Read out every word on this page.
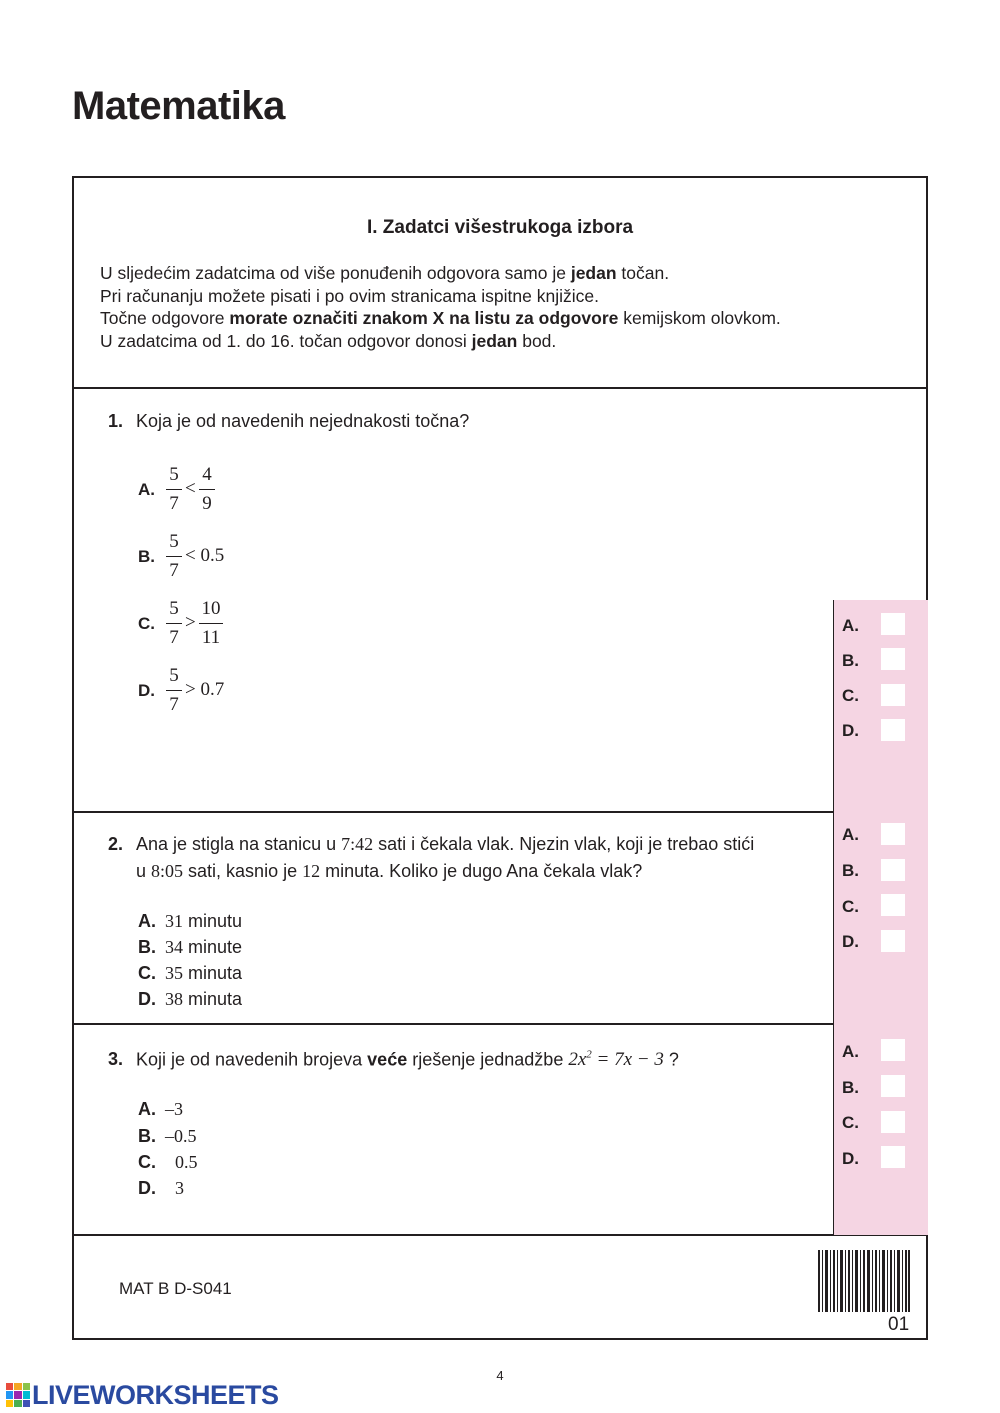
Matematika
I. Zadatci višestrukoga izbora
U sljedećim zadatcima od više ponuđenih odgovora samo je jedan točan.
Pri računanju možete pisati i po ovim stranicama ispitne knjižice.
Točne odgovore morate označiti znakom X na listu za odgovore kemijskom olovkom.
U zadatcima od 1. do 16. točan odgovor donosi jedan bod.
1. Koja je od navedenih nejednakosti točna?
A.
5
7
<
4
9
B.
5
7
< 0.5
C.
5
7
>
10
11
D.
5
7
> 0.7
A.
B.
C.
D.
2. Ana je stigla na stanicu u 7:42 sati i čekala vlak. Njezin vlak, koji je trebao stići
u 8:05 sati, kasnio je 12 minuta. Koliko je dugo Ana čekala vlak?
A. 31 minutu
B. 34 minute
C. 35 minuta
D. 38 minuta
A.
B.
C.
D.
3. Koji je od navedenih brojeva veće rješenje jednadžbe $2x^2 = 7x - 3$ ?
A. –3
B. –0.5
C. 0.5
D. 3
A.
B.
C.
D.
MAT B D-S041
01
4
LIVEWORKSHEETS
